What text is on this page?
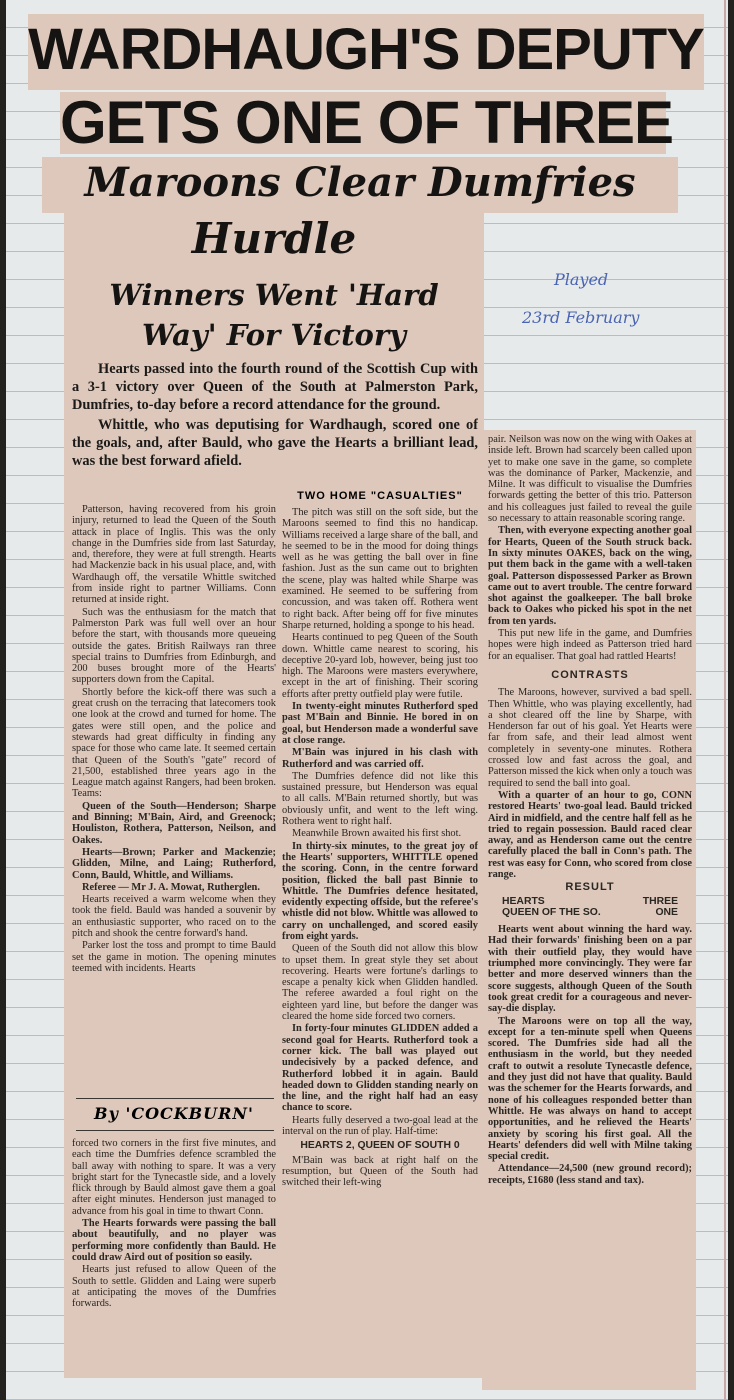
WARDHAUGH'S DEPUTY
GETS ONE OF THREE
Maroons Clear Dumfries
Hurdle
Winners Went 'Hard
Way' For Victory
Played
23rd February

Hearts passed into the fourth round of the Scottish Cup with a 3-1 victory over Queen of the South at Palmerston Park, Dumfries, to-day before a record attendance for the ground.

Whittle, who was deputising for Wardhaugh, scored one of the goals, and, after Bauld, who gave the Hearts a brilliant lead, was the best forward afield.

Patterson, having recovered from his groin injury, returned to lead the Queen of the South attack in place of Inglis. This was the only change in the Dumfries side from last Saturday, and, therefore, they were at full strength. Hearts had Mackenzie back in his usual place, and, with Wardhaugh off, the versatile Whittle switched from inside right to partner Williams. Conn returned at inside right.

Such was the enthusiasm for the match that Palmerston Park was full well over an hour before the start, with thousands more queueing outside the gates. British Railways ran three special trains to Dumfries from Edinburgh, and 200 buses brought more of the Hearts' supporters down from the Capital.

Shortly before the kick-off there was such a great crush on the terracing that latecomers took one look at the crowd and turned for home. The gates were still open, and the police and stewards had great difficulty in finding any space for those who came late. It seemed certain that Queen of the South's "gate" record of 21,500, established three years ago in the League match against Rangers, had been broken. Teams:

Queen of the South—Henderson; Sharpe and Binning; M'Bain, Aird, and Greenock; Houliston, Rothera, Patterson, Neilson, and Oakes.

Hearts—Brown; Parker and Mackenzie; Glidden, Milne, and Laing; Rutherford, Conn, Bauld, Whittle, and Williams.

Referee — Mr J. A. Mowat, Rutherglen.

Hearts received a warm welcome when they took the field. Bauld was handed a souvenir by an enthusiastic supporter, who raced on to the pitch and shook the centre forward's hand.

Parker lost the toss and prompt to time Bauld set the game in motion. The opening minutes teemed with incidents. Hearts

By 'COCKBURN'

forced two corners in the first five minutes, and each time the Dumfries defence scrambled the ball away with nothing to spare. It was a very bright start for the Tynecastle side, and a lovely flick through by Bauld almost gave them a goal after eight minutes. Henderson just managed to advance from his goal in time to thwart Conn.

The Hearts forwards were passing the ball about beautifully, and no player was performing more confidently than Bauld. He could draw Aird out of position so easily.

Hearts just refused to allow Queen of the South to settle. Glidden and Laing were superb at anticipating the moves of the Dumfries forwards.

TWO HOME "CASUALTIES"

The pitch was still on the soft side, but the Maroons seemed to find this no handicap. Williams received a large share of the ball, and he seemed to be in the mood for doing things well as he was getting the ball over in fine fashion. Just as the sun came out to brighten the scene, play was halted while Sharpe was examined. He seemed to be suffering from concussion, and was taken off. Rothera went to right back. After being off for five minutes Sharpe returned, holding a sponge to his head.

Hearts continued to peg Queen of the South down. Whittle came nearest to scoring, his deceptive 20-yard lob, however, being just too high. The Maroons were masters everywhere, except in the art of finishing. Their scoring efforts after pretty outfield play were futile.

In twenty-eight minutes Rutherford sped past M'Bain and Binnie. He bored in on goal, but Henderson made a wonderful save at close range.

M'Bain was injured in his clash with Rutherford and was carried off.

The Dumfries defence did not like this sustained pressure, but Henderson was equal to all calls. M'Bain returned shortly, but was obviously unfit, and went to the left wing. Rothera went to right half.

Meanwhile Brown awaited his first shot.

In thirty-six minutes, to the great joy of the Hearts' supporters, WHITTLE opened the scoring. Conn, in the centre forward position, flicked the ball past Binnie to Whittle. The Dumfries defence hesitated, evidently expecting offside, but the referee's whistle did not blow. Whittle was allowed to carry on unchallenged, and scored easily from eight yards.

Queen of the South did not allow this blow to upset them. In great style they set about recovering. Hearts were fortune's darlings to escape a penalty kick when Glidden handled. The referee awarded a foul right on the eighteen yard line, but before the danger was cleared the home side forced two corners.

In forty-four minutes GLIDDEN added a second goal for Hearts. Rutherford took a corner kick. The ball was played out undecisively by a packed defence, and Rutherford lobbed it in again. Bauld headed down to Glidden standing nearly on the line, and the right half had an easy chance to score.

Hearts fully deserved a two-goal lead at the interval on the run of play. Half-time:

HEARTS 2, QUEEN OF SOUTH 0

M'Bain was back at right half on the resumption, but Queen of the South had switched their left-wing

pair. Neilson was now on the wing with Oakes at inside left. Brown had scarcely been called upon yet to make one save in the game, so complete was the dominance of Parker, Mackenzie, and Milne. It was difficult to visualise the Dumfries forwards getting the better of this trio. Patterson and his colleagues just failed to reveal the guile so necessary to attain reasonable scoring range.

Then, with everyone expecting another goal for Hearts, Queen of the South struck back. In sixty minutes OAKES, back on the wing, put them back in the game with a well-taken goal. Patterson dispossessed Parker as Brown came out to avert trouble. The centre forward shot against the goalkeeper. The ball broke back to Oakes who picked his spot in the net from ten yards.

This put new life in the game, and Dumfries hopes were high indeed as Patterson tried hard for an equaliser. That goal had rattled Hearts!

CONTRASTS

The Maroons, however, survived a bad spell. Then Whittle, who was playing excellently, had a shot cleared off the line by Sharpe, with Henderson far out of his goal. Yet Hearts were far from safe, and their lead almost went completely in seventy-one minutes. Rothera crossed low and fast across the goal, and Patterson missed the kick when only a touch was required to send the ball into goal.

With a quarter of an hour to go, CONN restored Hearts' two-goal lead. Bauld tricked Aird in midfield, and the centre half fell as he tried to regain possession. Bauld raced clear away, and as Henderson came out the centre carefully placed the ball in Conn's path. The rest was easy for Conn, who scored from close range.

RESULT

HEARTS	THREE
QUEEN OF THE SO.	ONE

Hearts went about winning the hard way. Had their forwards' finishing been on a par with their outfield play, they would have triumphed more convincingly. They were far better and more deserved winners than the score suggests, although Queen of the South took great credit for a courageous and never-say-die display.

The Maroons were on top all the way, except for a ten-minute spell when Queens scored. The Dumfries side had all the enthusiasm in the world, but they needed craft to outwit a resolute Tynecastle defence, and they just did not have that quality. Bauld was the schemer for the Hearts forwards, and none of his colleagues responded better than Whittle. He was always on hand to accept opportunities, and he relieved the Hearts' anxiety by scoring his first goal. All the Hearts' defenders did well with Milne taking special credit.

Attendance—24,500 (new ground record); receipts, £1680 (less stand and tax).
